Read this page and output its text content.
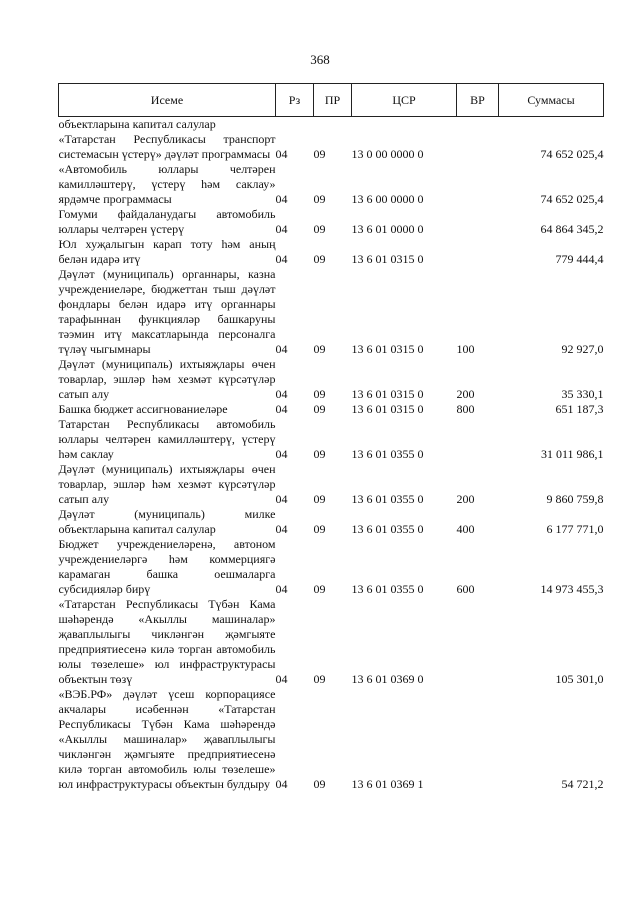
368
Исеме	Рз	ПР	ЦСР	ВР	Суммасы
объектларына капитал салулар					
«Татарстан Республикасы транспорт системасын үстерү» дәүләт программасы	04	09	13 0 00 0000 0		74 652 025,4
«Автомобиль юллары челтәрен камилләштерү, үстерү һәм саклау» ярдәмче программасы	04	09	13 6 00 0000 0		74 652 025,4
Гомуми файдаланудагы автомобиль юллары челтәрен үстерү	04	09	13 6 01 0000 0		64 864 345,2
Юл хуҗалыгын карап тоту һәм аның белән идарә итү	04	09	13 6 01 0315 0		779 444,4
Дәүләт (муниципаль) органнары, казна учреждениеләре, бюджеттан тыш дәүләт фондлары белән идарә итү органнары тарафыннан функцияләр башкаруны тәэмин итү максатларында персоналга түләү чыгымнары	04	09	13 6 01 0315 0	100	92 927,0
Дәүләт (муниципаль) ихтыяҗлары өчен товарлар, эшләр һәм хезмәт күрсәтүләр сатып алу	04	09	13 6 01 0315 0	200	35 330,1
Башка бюджет ассигнованиеләре	04	09	13 6 01 0315 0	800	651 187,3
Татарстан Республикасы автомобиль юллары челтәрен камилләштерү, үстерү һәм саклау	04	09	13 6 01 0355 0		31 011 986,1
Дәүләт (муниципаль) ихтыяҗлары өчен товарлар, эшләр һәм хезмәт күрсәтүләр сатып алу	04	09	13 6 01 0355 0	200	9 860 759,8
Дәүләт (муниципаль) милке объектларына капитал салулар	04	09	13 6 01 0355 0	400	6 177 771,0
Бюджет учреждениеләренә, автоном учреждениеләргә һәм коммерциягә карамаган башка оешмаларга субсидияләр бирү	04	09	13 6 01 0355 0	600	14 973 455,3
«Татарстан Республикасы Түбән Кама шәһәрендә «Акыллы машиналар» җаваплылыгы чикләнгән җәмгыяте предприятиесенә килә торган автомобиль юлы төзелеше» юл инфраструктурасы объектын төзү	04	09	13 6 01 0369 0		105 301,0
«ВЭБ.РФ» дәүләт үсеш корпорациясе акчалары исәбеннән «Татарстан Республикасы Түбән Кама шәһәрендә «Акыллы машиналар» җаваплылыгы чикләнгән җәмгыяте предприятиесенә килә торган автомобиль юлы төзелеше» юл инфраструктурасы объектын булдыру	04	09	13 6 01 0369 1		54 721,2
